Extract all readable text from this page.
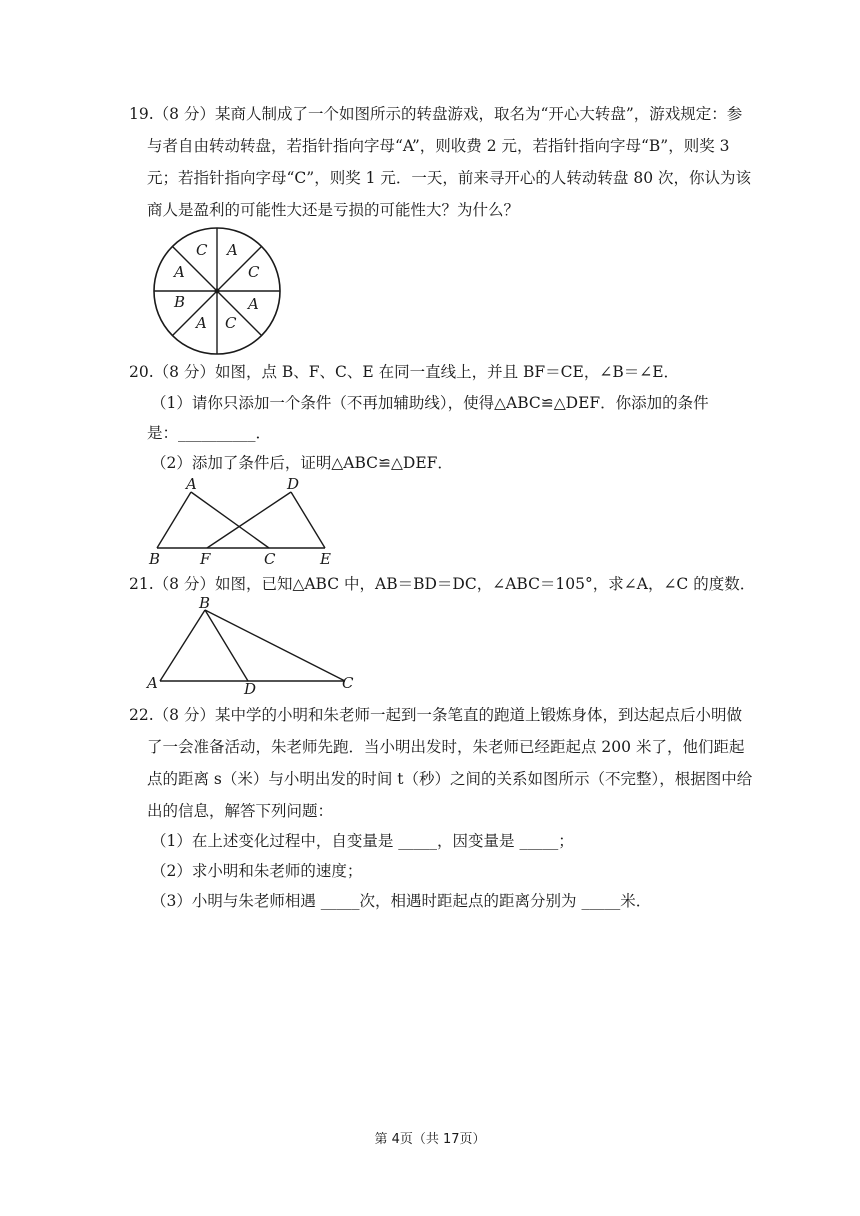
19.（8 分）某商人制成了一个如图所示的转盘游戏，取名为“开心大转盘”，游戏规定：参
与者自由转动转盘，若指针指向字母“A”，则收费 2 元，若指针指向字母“B”，则奖 3
元；若指针指向字母“C”，则奖 1 元．一天，前来寻开心的人转动转盘 80 次，你认为该
商人是盈利的可能性大还是亏损的可能性大？为什么？
C A
C
A
A C
A
B
20.（8 分）如图，点 B、F、C、E 在同一直线上，并且 BF＝CE，∠B＝∠E．
（1）请你只添加一个条件（不再加辅助线），使得△ABC≌△DEF．你添加的条件
是：__________．
（2）添加了条件后，证明△ABC≌△DEF．
A	D
B	F	C	E
21.（8 分）如图，已知△ABC 中，AB＝BD＝DC，∠ABC＝105°，求∠A，∠C 的度数．
B
A	D	C
22.（8 分）某中学的小明和朱老师一起到一条笔直的跑道上锻炼身体，到达起点后小明做
了一会准备活动，朱老师先跑．当小明出发时，朱老师已经距起点 200 米了，他们距起
点的距离 s（米）与小明出发的时间 t（秒）之间的关系如图所示（不完整），根据图中给
出的信息，解答下列问题：
（1）在上述变化过程中，自变量是 _____，因变量是 _____；
（2）求小明和朱老师的速度；
（3）小明与朱老师相遇 _____次，相遇时距起点的距离分别为 _____米．
第 4页（共 17页）
